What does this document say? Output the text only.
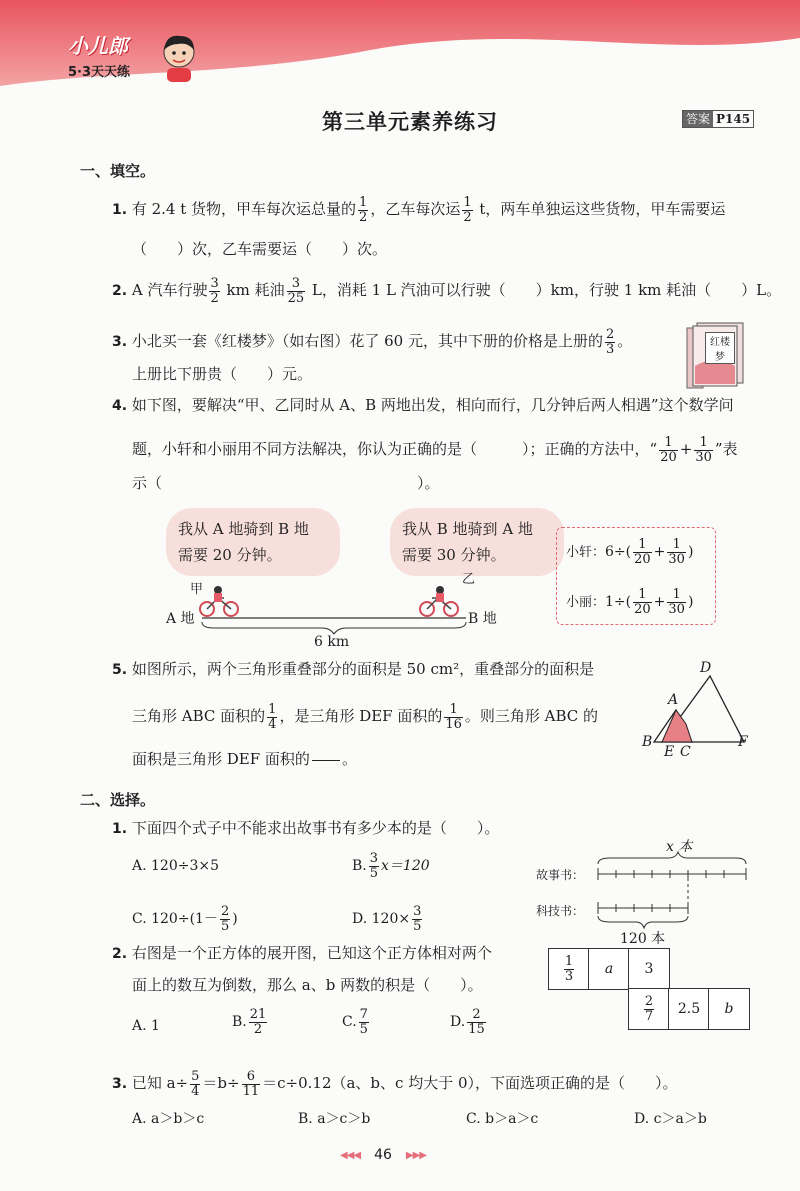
小儿郎
5·3天天练
第三单元素养练习	答案 P145
一、填空。
1. 有 2.4 t 货物，甲车每次运总量的 $\frac{1}{2}$ ，乙车每次运 $\frac{1}{2}$ t，两车单独运这些货物，甲车需要运
（　　）次，乙车需要运（　　）次。
2. A 汽车行驶 $\frac{3}{2}$ km 耗油 $\frac{3}{25}$ L，消耗 1 L 汽油可以行驶（　　）km，行驶 1 km 耗油（　　）L。
3. 小北买一套《红楼梦》（如右图）花了 60 元，其中下册的价格是上册的 $\frac{2}{3}$ 。
上册比下册贵（　　）元。
红楼梦
4. 如下图，要解决“甲、乙同时从 A、B 两地出发，相向而行，几分钟后两人相遇”这个数学问
题，小轩和小丽用不同方法解决，你认为正确的是（　　　）；正确的方法中，“ $\frac{1}{20} + \frac{1}{30}$ ”表
示（　　　　　　　　　　　　　　　　　）。
我从 A 地骑到 B 地
需要 20 分钟。
我从 B 地骑到 A 地
需要 30 分钟。
甲
乙
A 地	B 地
6 km
小轩：$6\div( \frac{1}{20} + \frac{1}{30}$ )
小丽：$1\div( \frac{1}{20} + \frac{1}{30}$ )
5. 如图所示，两个三角形重叠部分的面积是 50 cm²，重叠部分的面积是
三角形 ABC 面积的 $\frac{1}{4}$ ，是三角形 DEF 面积的 $\frac{1}{16}$ 。则三角形 ABC 的
面积是三角形 DEF 面积的

　　 。
D
A
B
E C
F
二、选择。
1. 下面四个式子中不能求出故事书有多少本的是（　　）。
A. 120÷3×5	B. $\frac{3}{5} x=120$
C. $120\div(1- \frac{2}{5}$ )	D. $120\times \frac{3}{5}$
x 本
故事书：
科技书：
120 本
2. 右图是一个正方体的展开图，已知这个正方体相对两个
面上的数互为倒数，那么 a、b 两数的积是（　　）。
A. 1	B. $\frac{21}{2}$	C. $\frac{7}{5}$	D. $\frac{2}{15}$
$\frac{1}{3}$	a	3
$\frac{2}{7}$	2.5	b
3. 已知 $a\div \frac{5}{4} =b\div \frac{6}{11} =c\div 0.12(a$、b、c 均大于 0），下面选项正确的是（　　）。
A. a＞b＞c	B. a＞c＞b	C. b＞a＞c	D. c＞a＞b
◀◀◀ 46 ▶▶▶
